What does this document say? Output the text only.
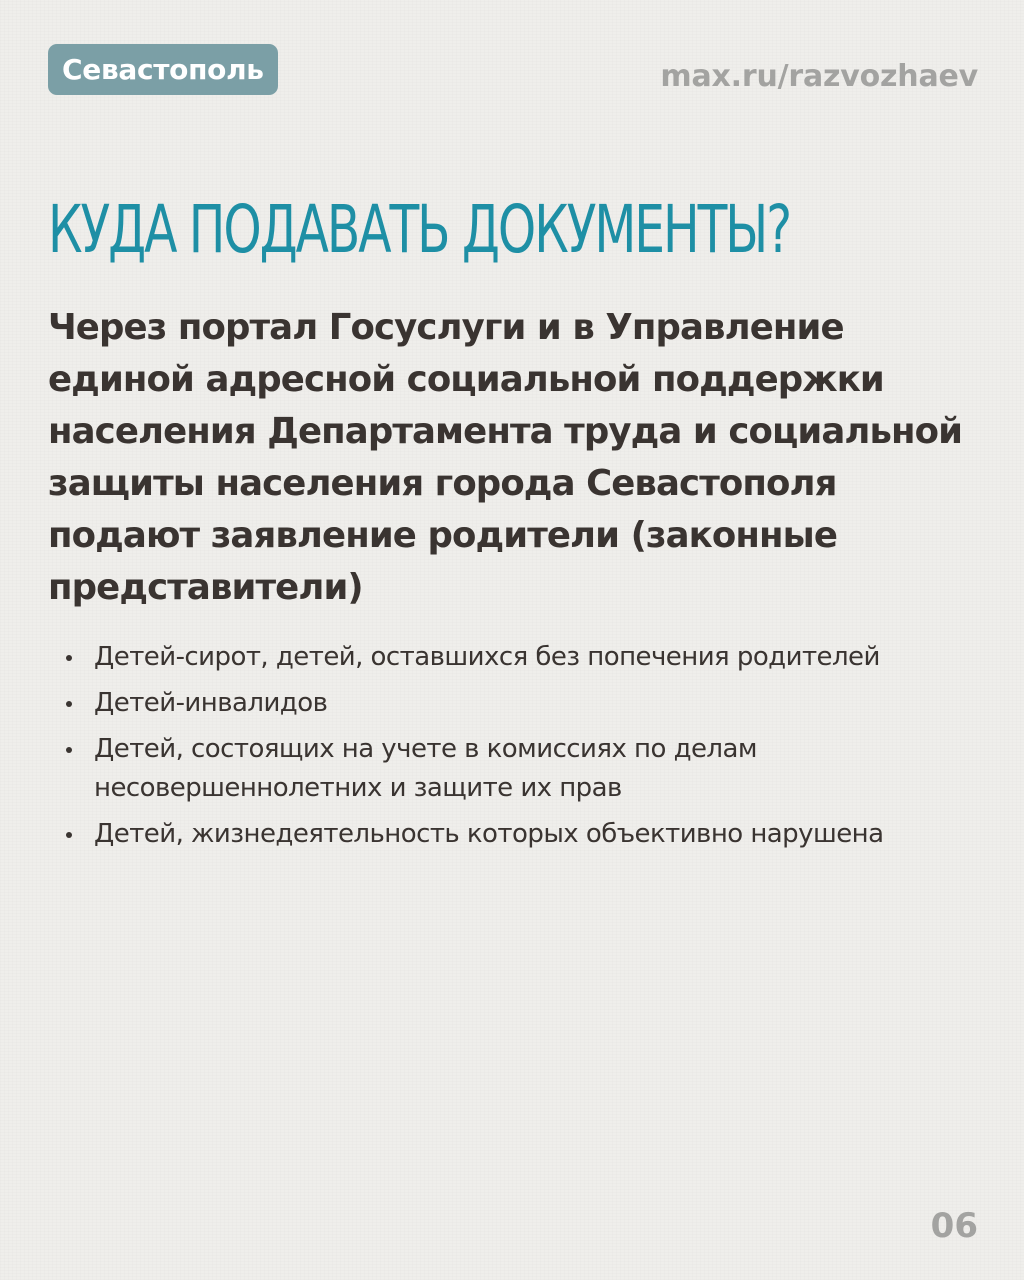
Севастополь	max.ru/razvozhaev
КУДА ПОДАВАТЬ ДОКУМЕНТЫ?

Через портал Госуслуги и в Управление единой адресной социальной поддержки населения Департамента труда и социальной защиты населения города Севастополя подают заявление родители (законные представители)

Детей-сирот, детей, оставшихся без попечения родителей
Детей-инвалидов
Детей, состоящих на учете в комиссиях по делам несовершеннолетних и защите их прав
Детей, жизнедеятельность которых объективно нарушена
06
